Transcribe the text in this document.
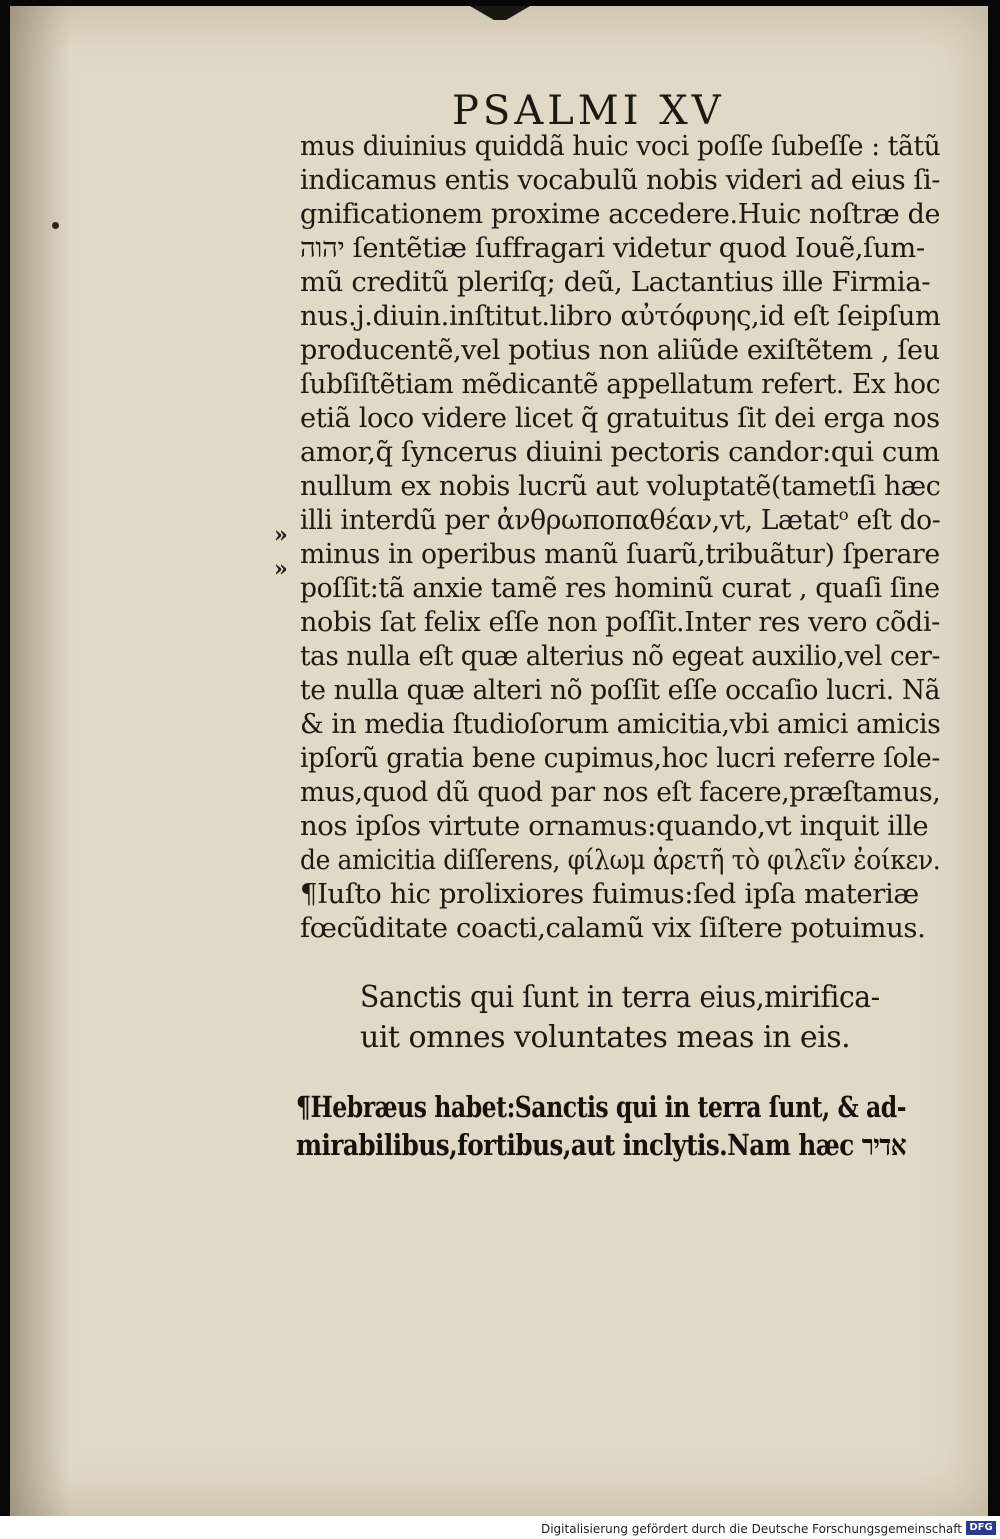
PSALMI XV
mus diuinius quiddã huic voci poſſe ſubeſſe : tãtũ
indicamus entis vocabulũ nobis videri ad eius ſi-
gnificationem proxime accedere.Huic noſtræ de
יהוה ſentẽtiæ ſuffragari videtur quod Iouẽ,ſum-
mũ creditũ pleriſq; deũ, Lactantius ille Firmia-
nus.j.diuin.inſtitut.libro αὐτόφυης,id eſt ſeipſum
producentẽ,vel potius non aliũde exiſtẽtem , ſeu
ſubſiſtẽtiam mẽdicantẽ appellatum refert. Ex hoc
etiã loco videre licet q̃ gratuitus ſit dei erga nos
amor,q̃ ſyncerus diuini pectoris candor:qui cum
nullum ex nobis lucrũ aut voluptatẽ(tametſi hæc
illi interdũ per ἀνθρωποπαθέαν,vt, Lætatᵒ eſt do-
minus in operibus manũ ſuarũ,tribuãtur) ſperare
poſſit:tã anxie tamẽ res hominũ curat , quaſi ſine
nobis ſat felix eſſe non poſſit.Inter res vero cõdi-
tas nulla eſt quæ alterius nõ egeat auxilio,vel cer-
te nulla quæ alteri nõ poſſit eſſe occaſio lucri. Nã
& in media ſtudioſorum amicitia,vbi amici amicis
ipſorũ gratia bene cupimus,hoc lucri referre ſole-
mus,quod dũ quod par nos eſt facere,præſtamus,
nos ipſos virtute ornamus:quando,vt inquit ille
de amicitia diſſerens, φίλωμ ἀρετῆ τὸ φιλεῖν ἐοίκεν.
¶Iuſto hic prolixiores fuimus:ſed ipſa materiæ
fœcũditate coacti,calamũ vix ſiſtere potuimus.
»
»
Sanctis qui ſunt in terra eius,mirifica-
uit omnes voluntates meas in eis.
¶Hebræus habet:Sanctis qui in terra ſunt, & ad-
mirabilibus,fortibus,aut inclytis.Nam hæc אדיר
Digitalisierung gefördert durch die Deutsche Forschungsgemeinschaft DFG
